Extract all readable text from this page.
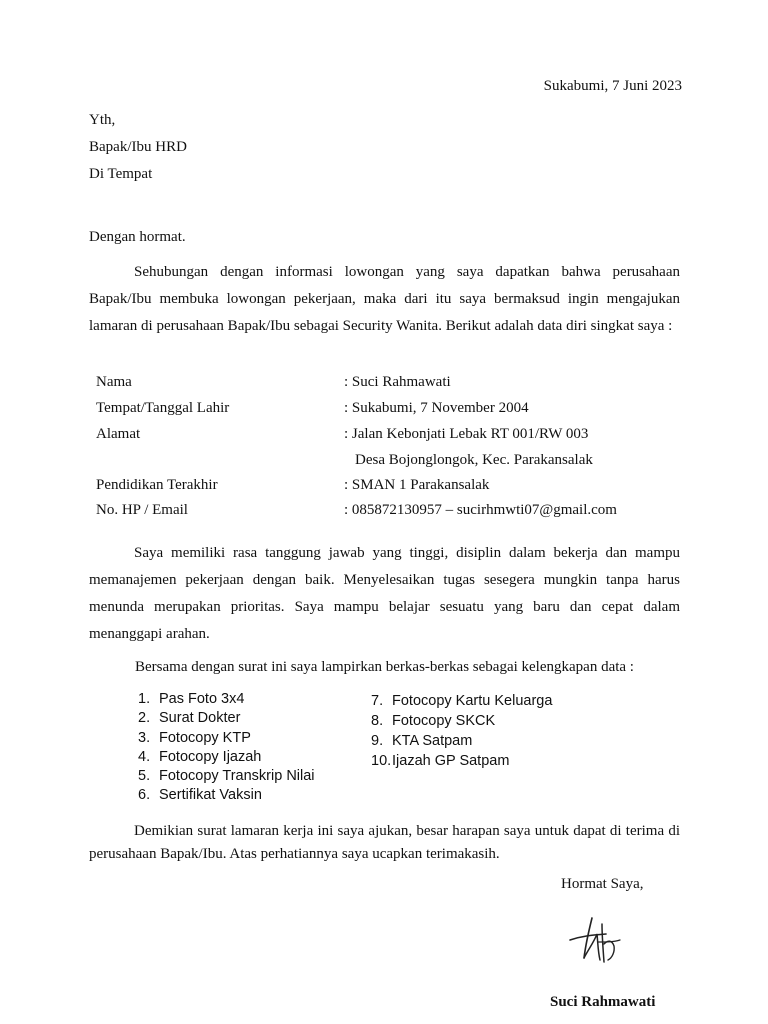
Sukabumi, 7 Juni 2023
Yth,
Bapak/Ibu HRD
Di Tempat
Dengan hormat.
Sehubungan dengan informasi lowongan yang saya dapatkan bahwa perusahaan Bapak/Ibu membuka lowongan pekerjaan, maka dari itu saya bermaksud ingin mengajukan lamaran di perusahaan Bapak/Ibu sebagai Security Wanita. Berikut adalah data diri singkat saya :
Nama	: Suci Rahmawati
Tempat/Tanggal Lahir	: Sukabumi, 7 November 2004
Alamat	: Jalan Kebonjati Lebak RT 001/RW 003
Desa Bojonglongok, Kec. Parakansalak
Pendidikan Terakhir	: SMAN 1 Parakansalak
No. HP / Email	: 085872130957 – sucirhmwti07@gmail.com
Saya memiliki rasa tanggung jawab yang tinggi, disiplin dalam bekerja dan mampu memanajemen pekerjaan dengan baik. Menyelesaikan tugas sesegera mungkin tanpa harus menunda merupakan prioritas. Saya mampu belajar sesuatu yang baru dan cepat dalam menanggapi arahan.
Bersama dengan surat ini saya lampirkan berkas-berkas sebagai kelengkapan data :
1. Pas Foto 3x4
2. Surat Dokter
3. Fotocopy KTP
4. Fotocopy Ijazah
5. Fotocopy Transkrip Nilai
6. Sertifikat Vaksin
7. Fotocopy Kartu Keluarga
8. Fotocopy SKCK
9. KTA Satpam
10.Ijazah GP Satpam
Demikian surat lamaran kerja ini saya ajukan, besar harapan saya untuk dapat di terima di perusahaan Bapak/Ibu. Atas perhatiannya saya ucapkan terimakasih.
Hormat Saya,
Suci Rahmawati
